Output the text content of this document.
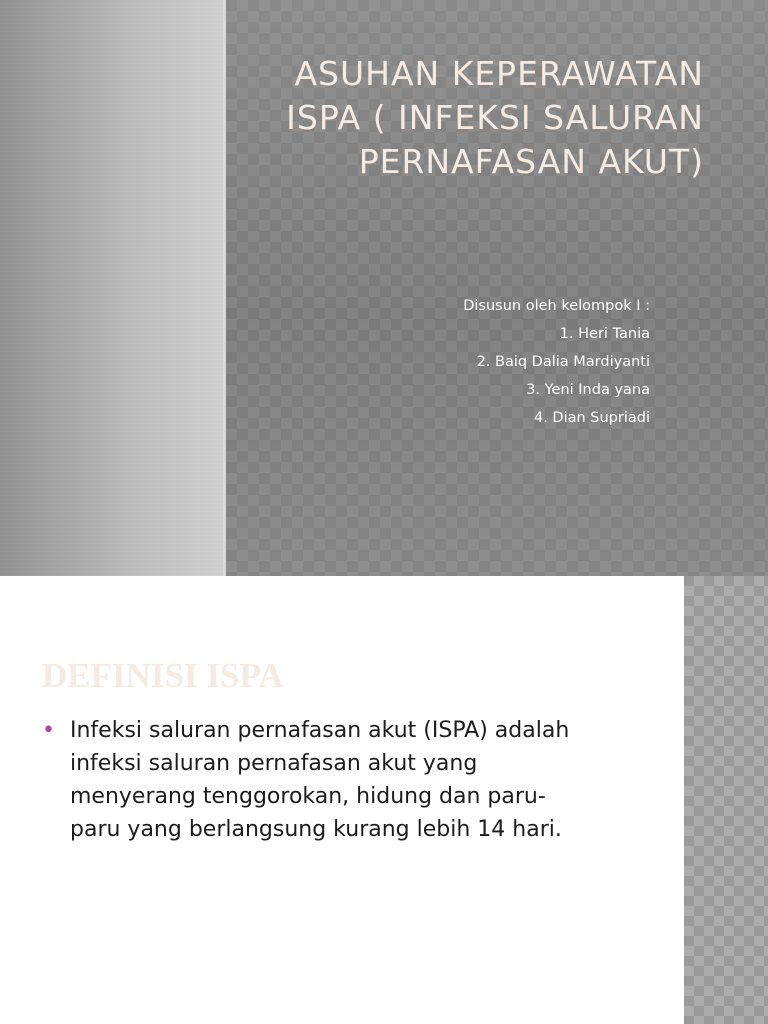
ASUHAN KEPERAWATAN
ISPA ( INFEKSI SALURAN
PERNAFASAN AKUT)
Disusun oleh kelompok I :
1. Heri Tania
2. Baiq Dalia Mardiyanti
3. Yeni Inda yana
4. Dian Supriadi
DEFINISI ISPA
• Infeksi saluran pernafasan akut (ISPA) adalah
infeksi saluran pernafasan akut yang
menyerang tenggorokan, hidung dan paru-
paru yang berlangsung kurang lebih 14 hari.
